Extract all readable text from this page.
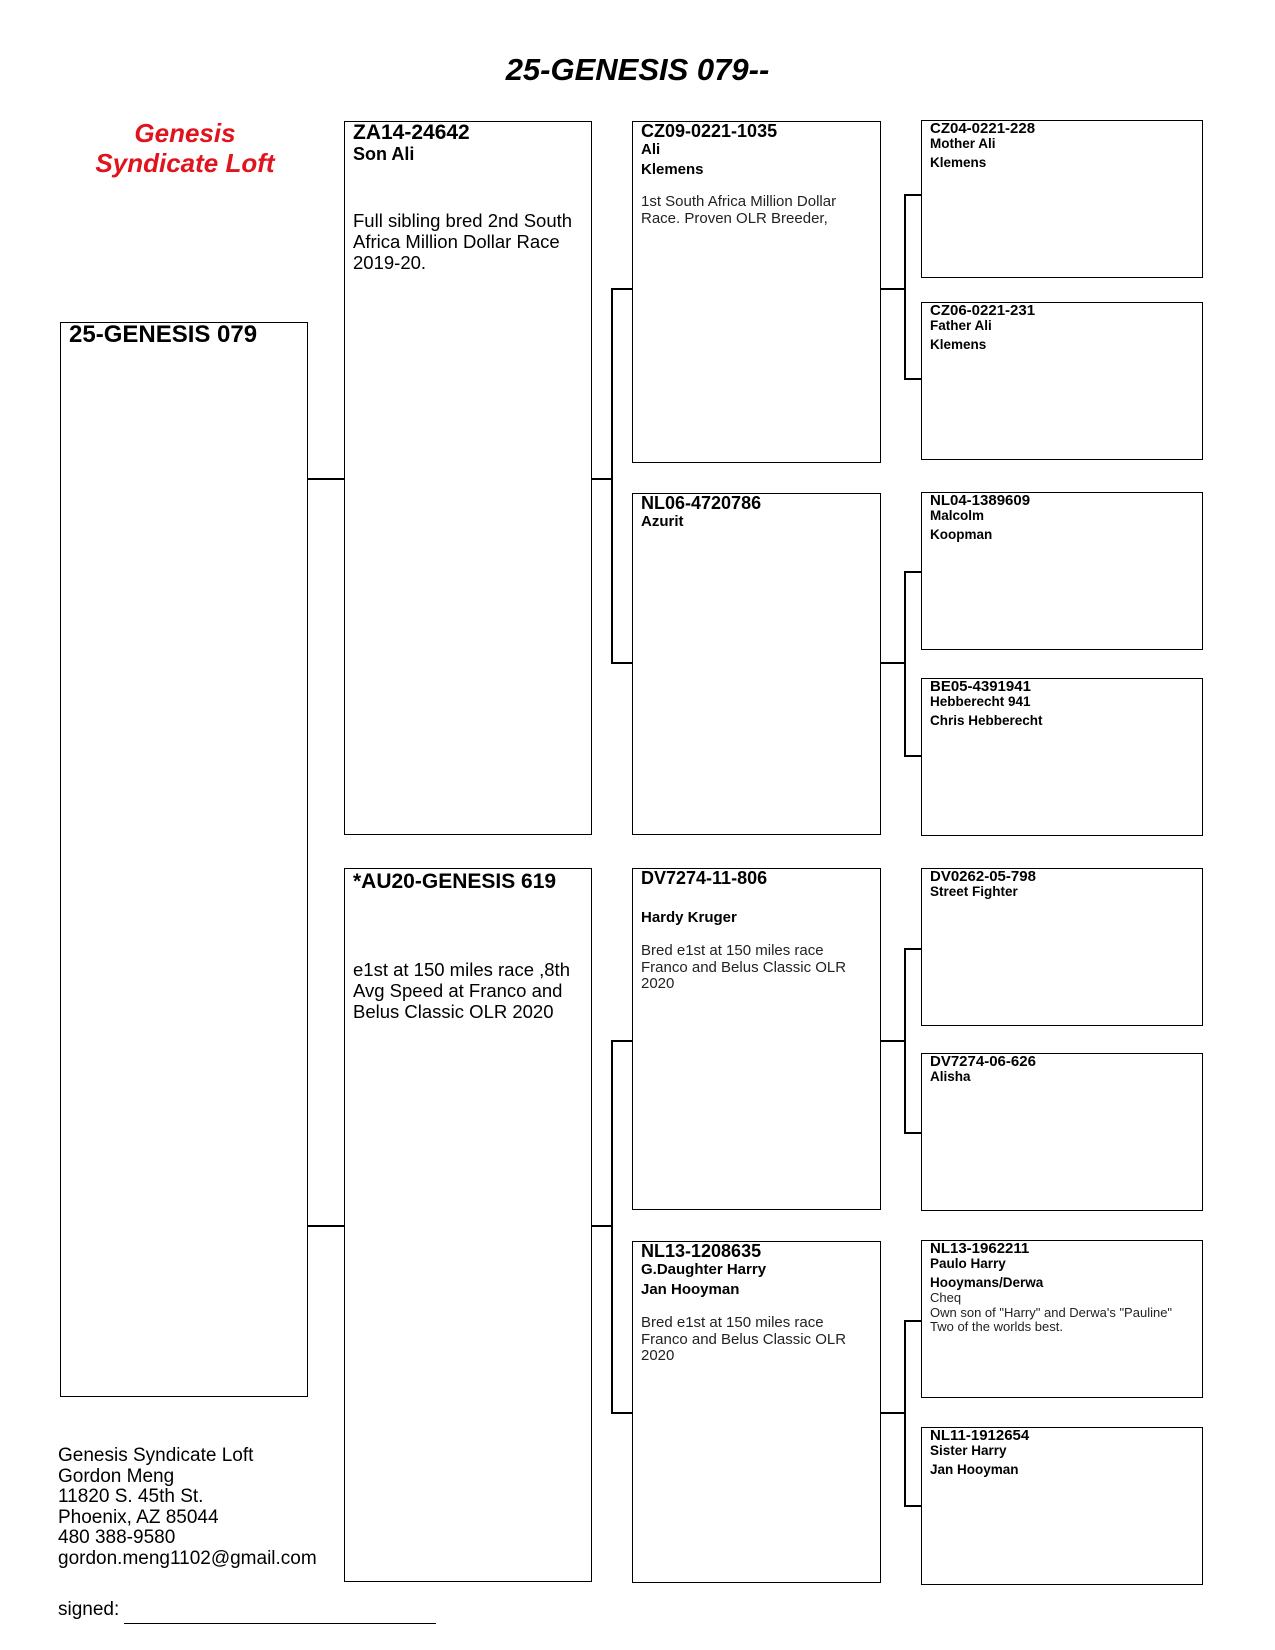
25-GENESIS 079--
Genesis
Syndicate Loft
25-GENESIS 079
ZA14-24642
Son Ali
Full sibling bred 2nd South Africa Million Dollar Race 2019-20.
*AU20-GENESIS 619
e1st at 150 miles race ,8th Avg Speed at Franco and Belus Classic OLR 2020
CZ09-0221-1035
Ali
Klemens
1st South Africa Million Dollar Race. Proven OLR Breeder,
NL06-4720786
Azurit
DV7274-11-806
Hardy Kruger
Bred e1st at 150 miles race Franco and Belus Classic OLR 2020
NL13-1208635
G.Daughter Harry
Jan Hooyman
Bred e1st at 150 miles race Franco and Belus Classic OLR 2020
CZ04-0221-228
Mother Ali
Klemens
CZ06-0221-231
Father Ali
Klemens
NL04-1389609
Malcolm
Koopman
BE05-4391941
Hebberecht 941
Chris Hebberecht
DV0262-05-798
Street Fighter
DV7274-06-626
Alisha
NL13-1962211
Paulo Harry
Hooymans/Derwa
Cheq
Own son of "Harry" and Derwa's "Pauline" Two of the worlds best.
NL11-1912654
Sister Harry
Jan Hooyman
Genesis Syndicate Loft
Gordon Meng
11820 S. 45th St.
Phoenix, AZ 85044
480 388-9580
gordon.meng1102@gmail.com
signed:
